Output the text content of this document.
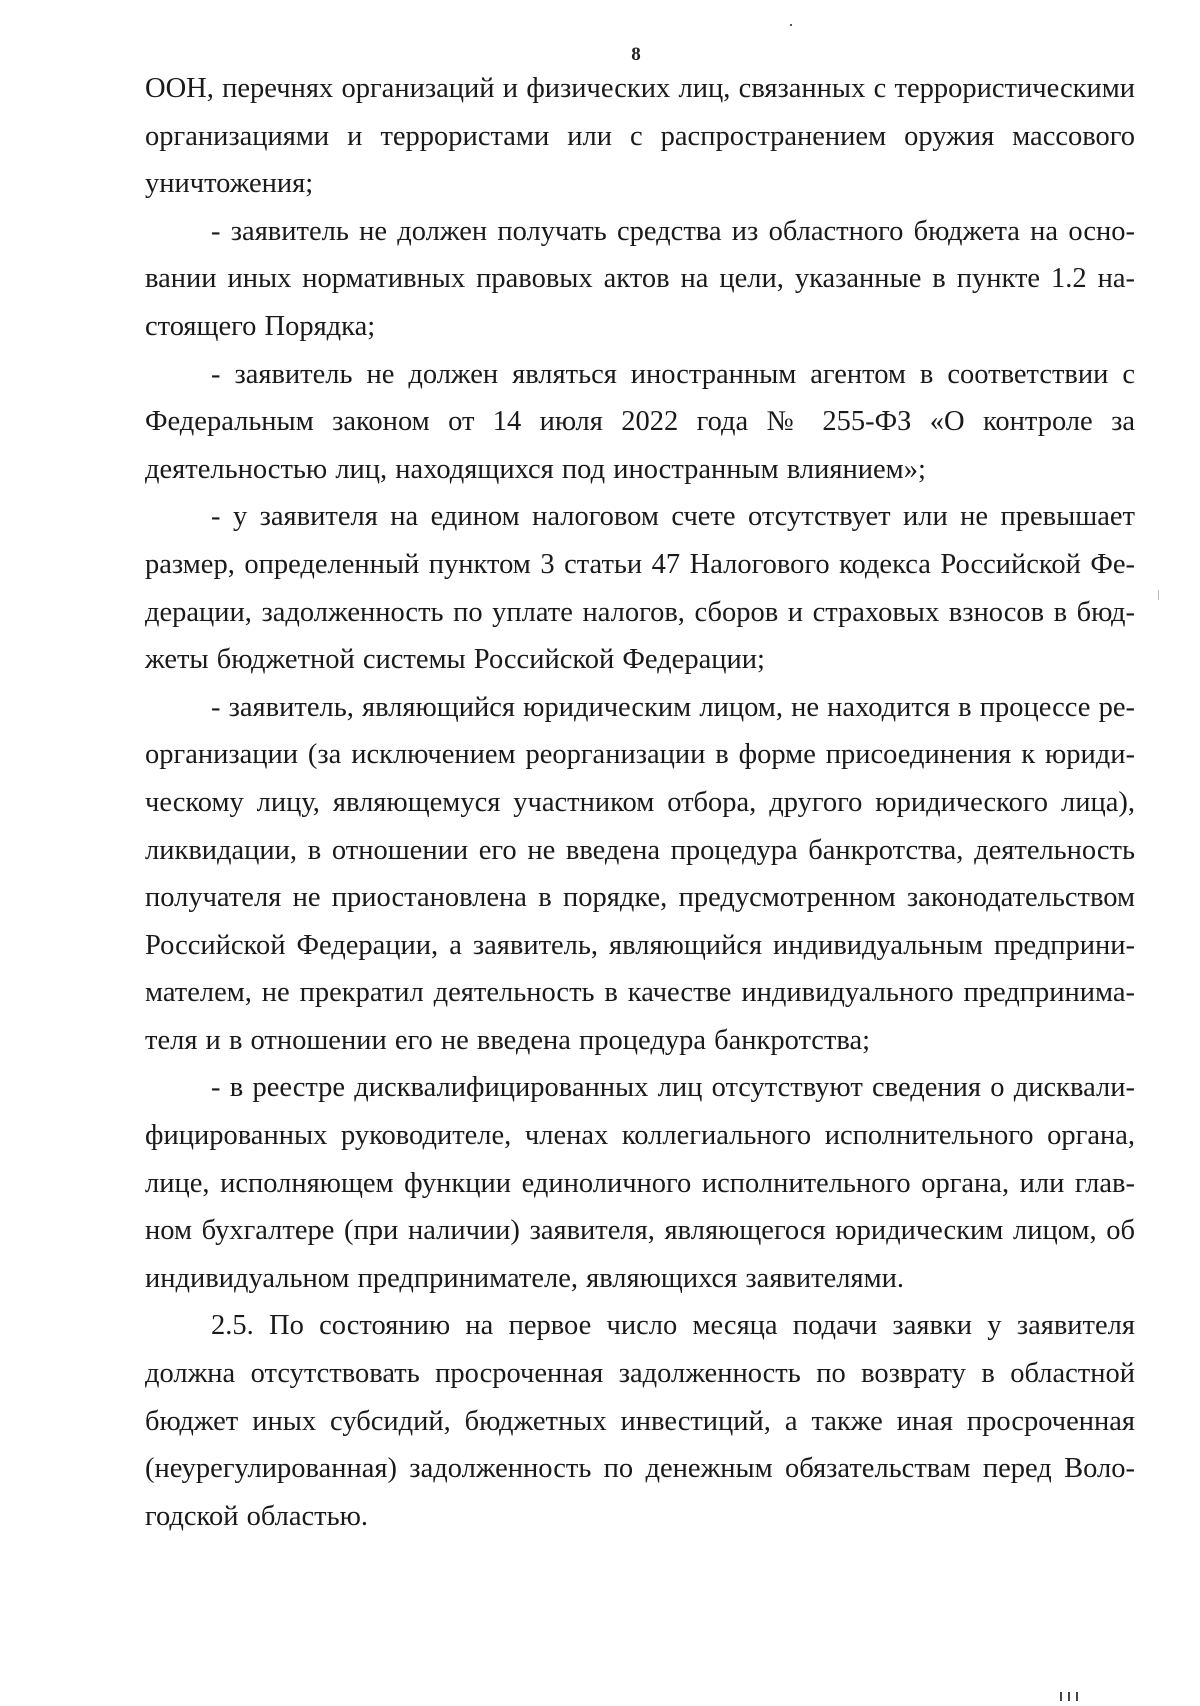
8

ООН, перечнях организаций и физических лиц, связанных с террористическими организациями и террористами или с распространением оружия массового уничтожения;

- заявитель не должен получать средства из областного бюджета на основании иных нормативных правовых актов на цели, указанные в пункте 1.2 настоящего Порядка;

- заявитель не должен являться иностранным агентом в соответствии с Федеральным законом от 14 июля 2022 года № 255-ФЗ «О контроле за деятельностью лиц, находящихся под иностранным влиянием»;

- у заявителя на едином налоговом счете отсутствует или не превышает размер, определенный пунктом 3 статьи 47 Налогового кодекса Российской Федерации, задолженность по уплате налогов, сборов и страховых взносов в бюджеты бюджетной системы Российской Федерации;

- заявитель, являющийся юридическим лицом, не находится в процессе реорганизации (за исключением реорганизации в форме присоединения к юридическому лицу, являющемуся участником отбора, другого юридического лица), ликвидации, в отношении его не введена процедура банкротства, деятельность получателя не приостановлена в порядке, предусмотренном законодательством Российской Федерации, а заявитель, являющийся индивидуальным предпринимателем, не прекратил деятельность в качестве индивидуального предпринимателя и в отношении его не введена процедура банкротства;

- в реестре дисквалифицированных лиц отсутствуют сведения о дисквалифицированных руководителе, членах коллегиального исполнительного органа, лице, исполняющем функции единоличного исполнительного органа, или главном бухгалтере (при наличии) заявителя, являющегося юридическим лицом, об индивидуальном предпринимателе, являющихся заявителями.

2.5. По состоянию на первое число месяца подачи заявки у заявителя должна отсутствовать просроченная задолженность по возврату в областной бюджет иных субсидий, бюджетных инвестиций, а также иная просроченная (неурегулированная) задолженность по денежным обязательствам перед Вологодской областью.
